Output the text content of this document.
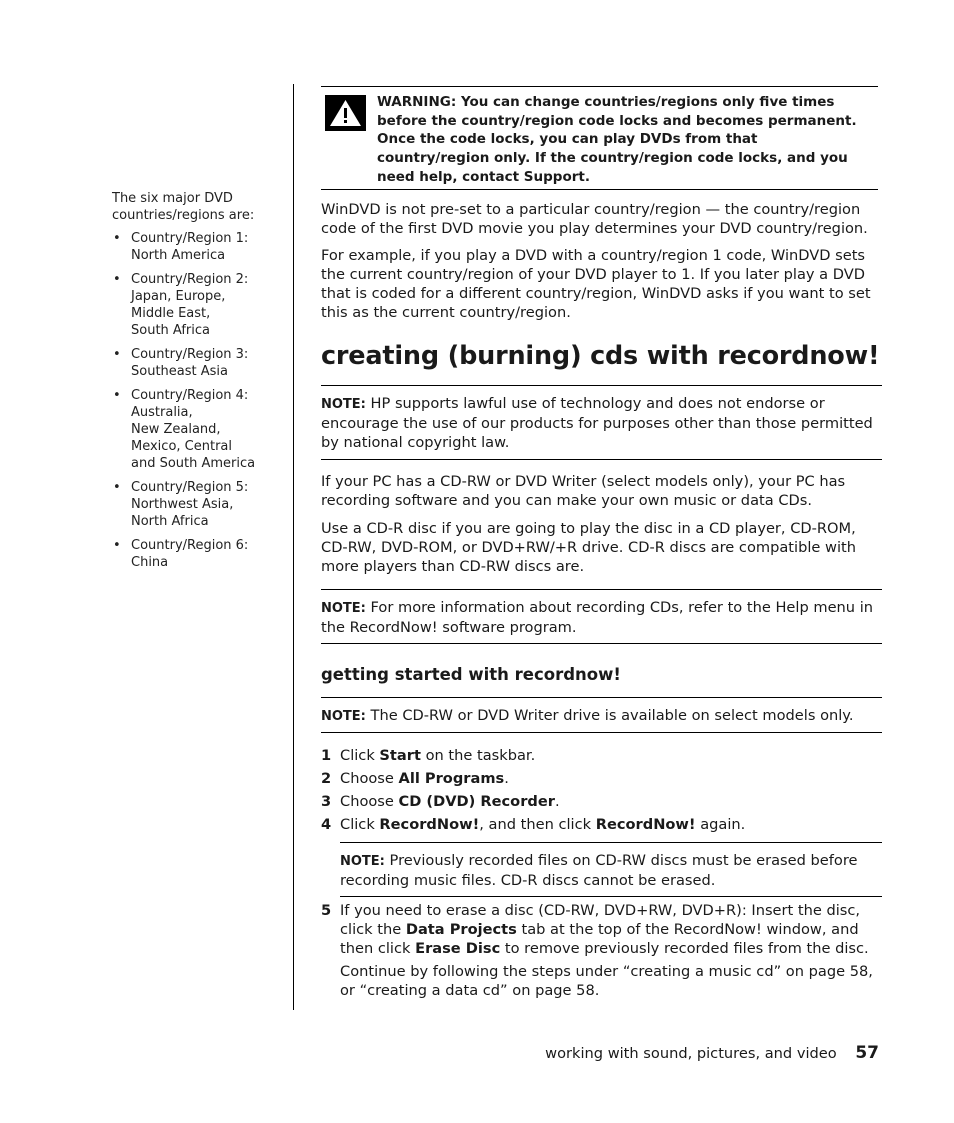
The six major DVD
countries/regions are:

• Country/Region 1:
North America
• Country/Region 2:
Japan, Europe,
Middle East,
South Africa
• Country/Region 3:
Southeast Asia
• Country/Region 4:
Australia,
New Zealand,
Mexico, Central
and South America
• Country/Region 5:
Northwest Asia,
North Africa
• Country/Region 6:
China
WARNING: You can change countries/regions only five times before the country/region code locks and becomes permanent. Once the code locks, you can play DVDs from that country/region only. If the country/region code locks, and you need help, contact Support.

WinDVD is not pre-set to a particular country/region — the country/region code of the first DVD movie you play determines your DVD country/region.

For example, if you play a DVD with a country/region 1 code, WinDVD sets the current country/region of your DVD player to 1. If you later play a DVD that is coded for a different country/region, WinDVD asks if you want to set this as the current country/region.

creating (burning) cds with recordnow!
NOTE: HP supports lawful use of technology and does not endorse or encourage the use of our products for purposes other than those permitted by national copyright law.

If your PC has a CD-RW or DVD Writer (select models only), your PC has recording software and you can make your own music or data CDs.

Use a CD-R disc if you are going to play the disc in a CD player, CD-ROM, CD-RW, DVD-ROM, or DVD+RW/+R drive. CD-R discs are compatible with more players than CD-RW discs are.

NOTE: For more information about recording CDs, refer to the Help menu in the RecordNow! software program.
getting started with recordnow!
NOTE: The CD-RW or DVD Writer drive is available on select models only.
1 Click Start on the taskbar.
2 Choose All Programs.
3 Choose CD (DVD) Recorder.
4 Click RecordNow!, and then click RecordNow! again.
NOTE: Previously recorded files on CD-RW discs must be erased before recording music files. CD-R discs cannot be erased.
5 If you need to erase a disc (CD-RW, DVD+RW, DVD+R): Insert the disc, click the Data Projects tab at the top of the RecordNow! window, and then click Erase Disc to remove previously recorded files from the disc.
Continue by following the steps under “creating a music cd” on page 58, or “creating a data cd” on page 58.
working with sound, pictures, and video 57
